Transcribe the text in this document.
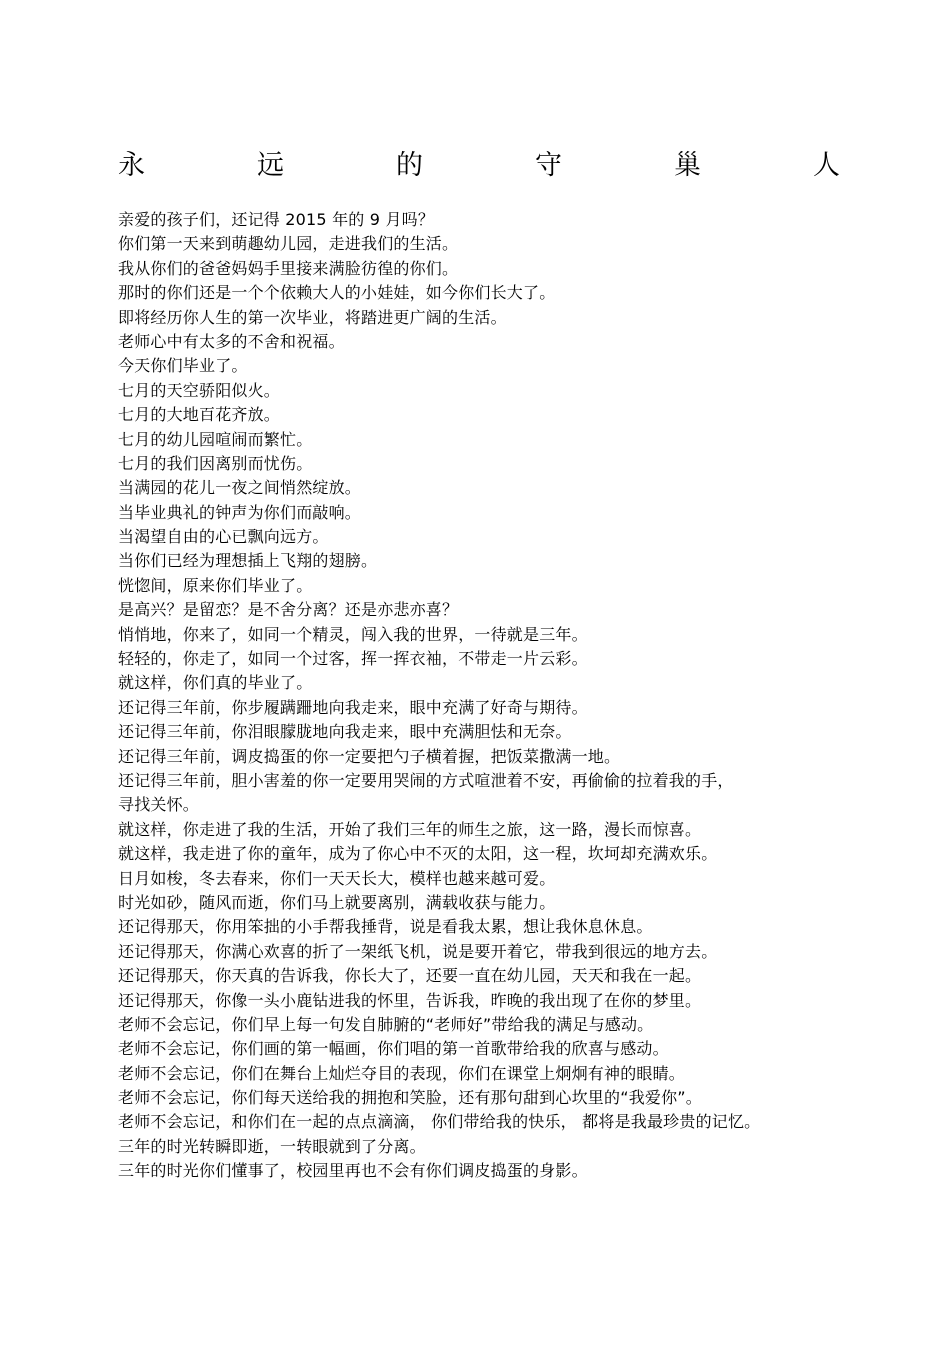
永	远	的	守	巢	人
亲爱的孩子们，还记得 2015 年的 9 月吗？
你们第一天来到萌趣幼儿园，走进我们的生活。
我从你们的爸爸妈妈手里接来满脸彷徨的你们。
那时的你们还是一个个依赖大人的小娃娃，如今你们长大了。
即将经历你人生的第一次毕业，将踏进更广阔的生活。
老师心中有太多的不舍和祝福。
今天你们毕业了。
七月的天空骄阳似火。
七月的大地百花齐放。
七月的幼儿园喧闹而繁忙。
七月的我们因离别而忧伤。
当满园的花儿一夜之间悄然绽放。
当毕业典礼的钟声为你们而敲响。
当渴望自由的心已飘向远方。
当你们已经为理想插上飞翔的翅膀。
恍惚间，原来你们毕业了。
是高兴？是留恋？是不舍分离？还是亦悲亦喜？
悄悄地，你来了，如同一个精灵，闯入我的世界，一待就是三年。
轻轻的，你走了，如同一个过客，挥一挥衣袖，不带走一片云彩。
就这样，你们真的毕业了。
还记得三年前，你步履蹒跚地向我走来，眼中充满了好奇与期待。
还记得三年前，你泪眼朦胧地向我走来，眼中充满胆怯和无奈。
还记得三年前，调皮捣蛋的你一定要把勺子横着握，把饭菜撒满一地。
还记得三年前，胆小害羞的你一定要用哭闹的方式喧泄着不安，再偷偷的拉着我的手，
寻找关怀。
就这样，你走进了我的生活，开始了我们三年的师生之旅，这一路，漫长而惊喜。
就这样，我走进了你的童年，成为了你心中不灭的太阳，这一程，坎坷却充满欢乐。
日月如梭，冬去春来，你们一天天长大，模样也越来越可爱。
时光如砂，随风而逝，你们马上就要离别，满载收获与能力。
还记得那天，你用笨拙的小手帮我捶背，说是看我太累，想让我休息休息。
还记得那天，你满心欢喜的折了一架纸飞机，说是要开着它，带我到很远的地方去。
还记得那天，你天真的告诉我，你长大了，还要一直在幼儿园，天天和我在一起。
还记得那天，你像一头小鹿钻进我的怀里，告诉我，昨晚的我出现了在你的梦里。
老师不会忘记，你们早上每一句发自肺腑的“老师好”带给我的满足与感动。
老师不会忘记，你们画的第一幅画，你们唱的第一首歌带给我的欣喜与感动。
老师不会忘记，你们在舞台上灿烂夺目的表现，你们在课堂上炯炯有神的眼睛。
老师不会忘记，你们每天送给我的拥抱和笑脸，还有那句甜到心坎里的“我爱你”。
老师不会忘记，和你们在一起的点点滴滴， 你们带给我的快乐， 都将是我最珍贵的记忆。
三年的时光转瞬即逝，一转眼就到了分离。
三年的时光你们懂事了，校园里再也不会有你们调皮捣蛋的身影。
